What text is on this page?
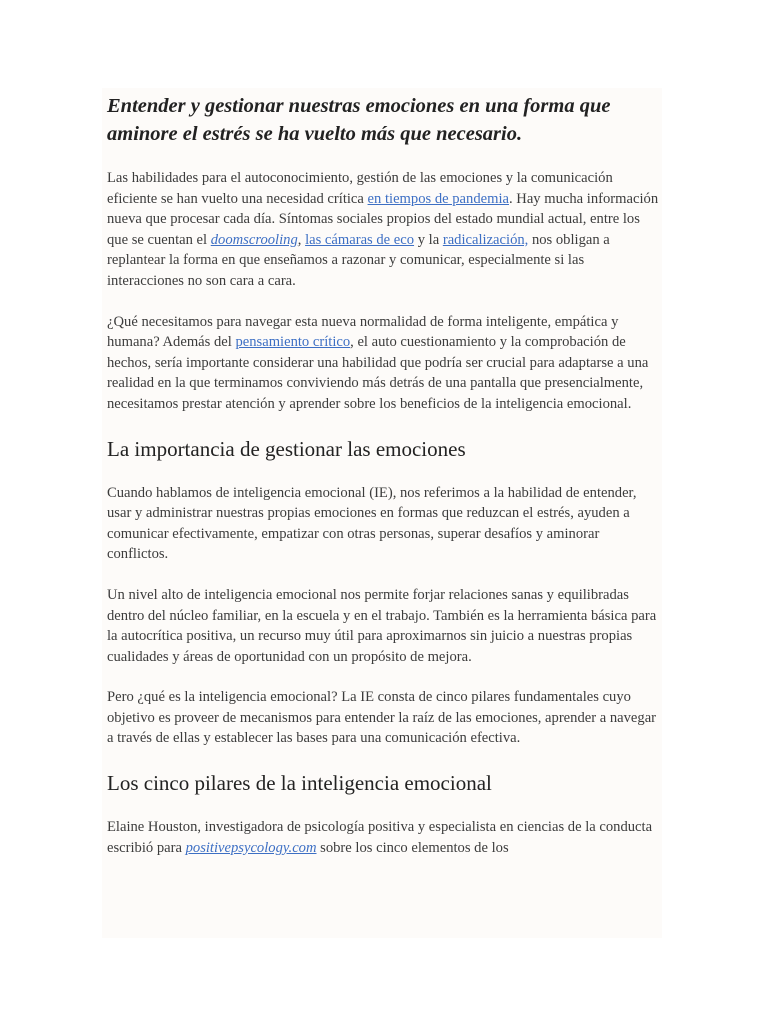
Entender y gestionar nuestras emociones en una forma que aminore el estrés se ha vuelto más que necesario.

Las habilidades para el autoconocimiento, gestión de las emociones y la comunicación eficiente se han vuelto una necesidad crítica en tiempos de pandemia. Hay mucha información nueva que procesar cada día. Síntomas sociales propios del estado mundial actual, entre los que se cuentan el doomscrooling, las cámaras de eco y la radicalización, nos obligan a replantear la forma en que enseñamos a razonar y comunicar, especialmente si las interacciones no son cara a cara.

¿Qué necesitamos para navegar esta nueva normalidad de forma inteligente, empática y humana? Además del pensamiento crítico, el auto cuestionamiento y la comprobación de hechos, sería importante considerar una habilidad que podría ser crucial para adaptarse a una realidad en la que terminamos conviviendo más detrás de una pantalla que presencialmente, necesitamos prestar atención y aprender sobre los beneficios de la inteligencia emocional.

La importancia de gestionar las emociones

Cuando hablamos de inteligencia emocional (IE), nos referimos a la habilidad de entender, usar y administrar nuestras propias emociones en formas que reduzcan el estrés, ayuden a comunicar efectivamente, empatizar con otras personas, superar desafíos y aminorar conflictos.

Un nivel alto de inteligencia emocional nos permite forjar relaciones sanas y equilibradas dentro del núcleo familiar, en la escuela y en el trabajo. También es la herramienta básica para la autocrítica positiva, un recurso muy útil para aproximarnos sin juicio a nuestras propias cualidades y áreas de oportunidad con un propósito de mejora.

Pero ¿qué es la inteligencia emocional? La IE consta de cinco pilares fundamentales cuyo objetivo es proveer de mecanismos para entender la raíz de las emociones, aprender a navegar a través de ellas y establecer las bases para una comunicación efectiva.

Los cinco pilares de la inteligencia emocional

Elaine Houston, investigadora de psicología positiva y especialista en ciencias de la conducta escribió para positivepsycology.com sobre los cinco elementos de los
